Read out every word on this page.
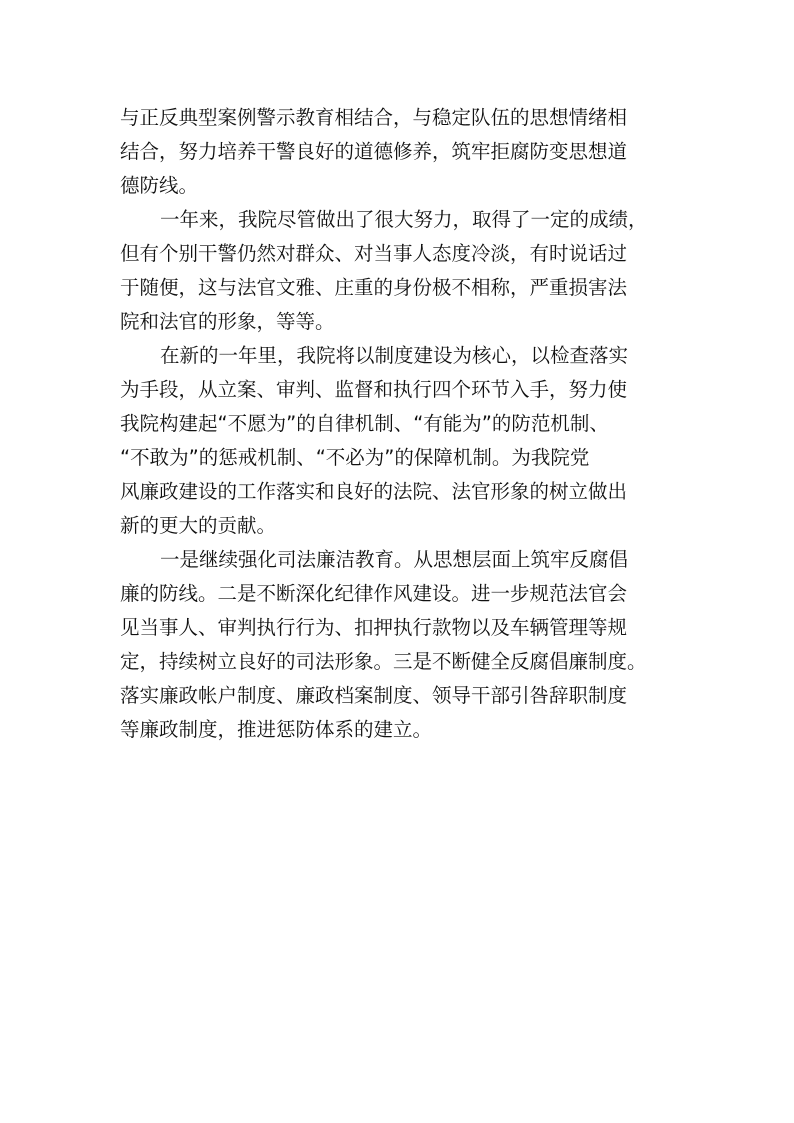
与正反典型案例警示教育相结合，与稳定队伍的思想情绪相
结合，努力培养干警良好的道德修养，筑牢拒腐防变思想道
德防线。
一年来，我院尽管做出了很大努力，取得了一定的成绩，
但有个别干警仍然对群众、对当事人态度冷淡，有时说话过
于随便，这与法官文雅、庄重的身份极不相称，严重损害法
院和法官的形象，等等。
在新的一年里，我院将以制度建设为核心，以检查落实
为手段，从立案、审判、监督和执行四个环节入手，努力使
我院构建起“不愿为”的自律机制、“有能为”的防范机制、
“不敢为”的惩戒机制、“不必为”的保障机制。为我院党
风廉政建设的工作落实和良好的法院、法官形象的树立做出
新的更大的贡献。
一是继续强化司法廉洁教育。从思想层面上筑牢反腐倡
廉的防线。二是不断深化纪律作风建设。进一步规范法官会
见当事人、审判执行行为、扣押执行款物以及车辆管理等规
定，持续树立良好的司法形象。三是不断健全反腐倡廉制度。
落实廉政帐户制度、廉政档案制度、领导干部引咎辞职制度
等廉政制度，推进惩防体系的建立。
